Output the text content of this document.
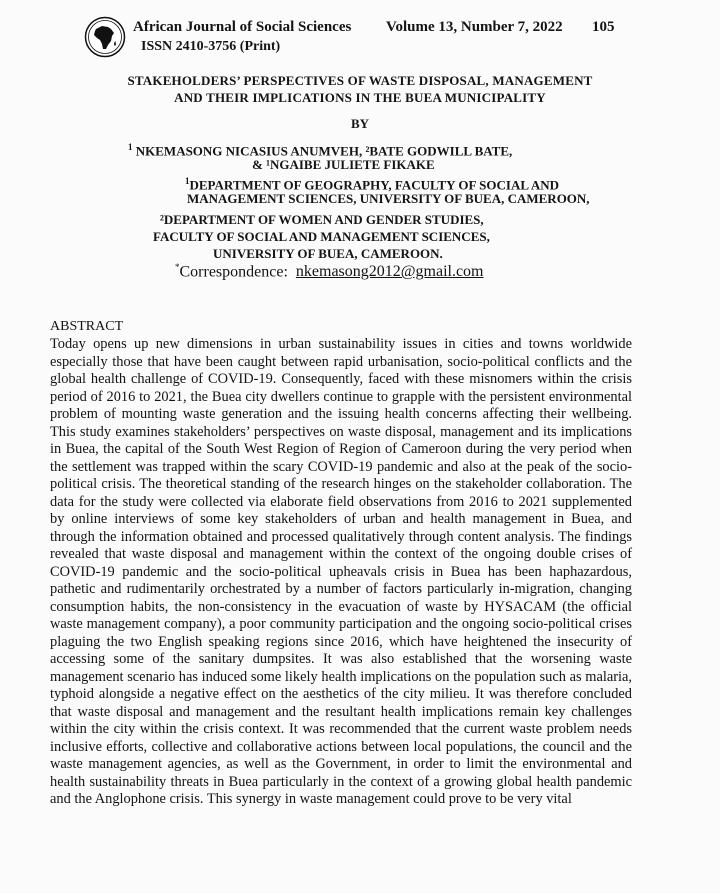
African Journal of Social Sciences
ISSN 2410-3756 (Print)
Volume 13, Number 7, 2022 105
STAKEHOLDERS’ PERSPECTIVES OF WASTE DISPOSAL, MANAGEMENT
AND THEIR IMPLICATIONS IN THE BUEA MUNICIPALITY
BY
$^1$ NKEMASONG NICASIUS ANUMVEH, ²BATE GODWILL BATE,
& ¹NGAIBE JULIETE FIKAKE
$^1$DEPARTMENT OF GEOGRAPHY, FACULTY OF SOCIAL AND
MANAGEMENT SCIENCES, UNIVERSITY OF BUEA, CAMEROON,
²DEPARTMENT OF WOMEN AND GENDER STUDIES,
FACULTY OF SOCIAL AND MANAGEMENT SCIENCES,
UNIVERSITY OF BUEA, CAMEROON.
*Correspondence: nkemasong2012@gmail.com
ABSTRACT

Today opens up new dimensions in urban sustainability issues in cities and towns worldwide especially those that have been caught between rapid urbanisation, socio-political conflicts and the global health challenge of COVID-19. Consequently, faced with these misnomers within the crisis period of 2016 to 2021, the Buea city dwellers continue to grapple with the persistent environmental problem of mounting waste generation and the issuing health concerns affecting their wellbeing. This study examines stakeholders’ perspectives on waste disposal, management and its implications in Buea, the capital of the South West Region of Region of Cameroon during the very period when the settlement was trapped within the scary COVID-19 pandemic and also at the peak of the socio-political crisis. The theoretical standing of the research hinges on the stakeholder collaboration. The data for the study were collected via elaborate field observations from 2016 to 2021 supplemented by online interviews of some key stakeholders of urban and health management in Buea, and through the information obtained and processed qualitatively through content analysis. The findings revealed that waste disposal and management within the context of the ongoing double crises of COVID-19 pandemic and the socio-political upheavals crisis in Buea has been haphazardous, pathetic and rudimentarily orchestrated by a number of factors particularly in-migration, changing consumption habits, the non-consistency in the evacuation of waste by HYSACAM (the official waste management company), a poor community participation and the ongoing socio-political crises plaguing the two English speaking regions since 2016, which have heightened the insecurity of accessing some of the sanitary dumpsites. It was also established that the worsening waste management scenario has induced some likely health implications on the population such as malaria, typhoid alongside a negative effect on the aesthetics of the city milieu. It was therefore concluded that waste disposal and management and the resultant health implications remain key challenges within the city within the crisis context. It was recommended that the current waste problem needs inclusive efforts, collective and collaborative actions between local populations, the council and the waste management agencies, as well as the Government, in order to limit the environmental and health sustainability threats in Buea particularly in the context of a growing global health pandemic and the Anglophone crisis. This synergy in waste management could prove to be very vital
